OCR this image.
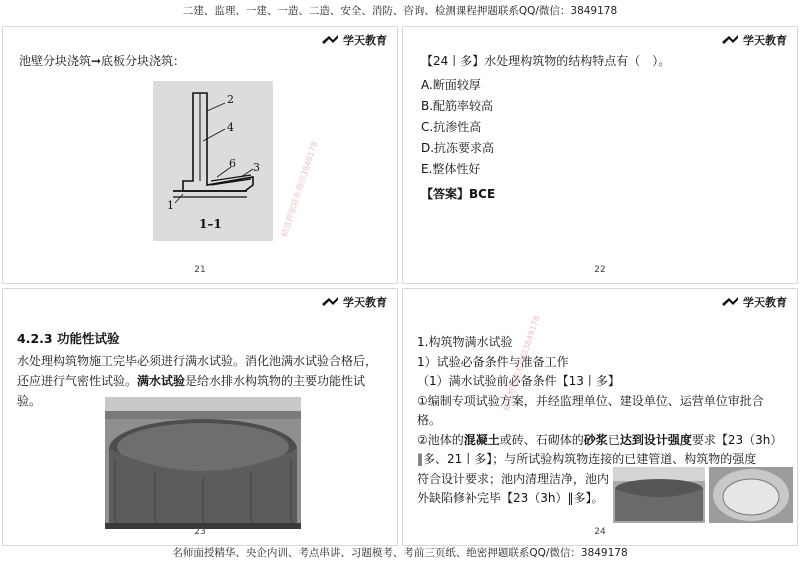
二建、监理、一建、一造、二造、安全、消防、咨询、检测课程押题联系QQ/微信：3849178
学天教育
池壁分块浇筑➞底板分块浇筑：
2
4
6 3
1
1–1	精选押题联系微信3849178
21
学天教育
【24丨多】水处理构筑物的结构特点有（　）。
A.断面较厚
B.配筋率较高
C.抗渗性高
D.抗冻要求高
E.整体性好
【答案】BCE
22
学天教育
4.2.3 功能性试验
水处理构筑物施工完毕必须进行满水试验。消化池满水试验合格后，还应进行气密性试验。满水试验是给水排水构筑物的主要功能性试验。
23
学天教育
1.构筑物满水试验
1）试验必备条件与准备工作
（1）满水试验前必备条件【13丨多】
①编制专项试验方案，并经监理单位、建设单位、运营单位审批合
格。
②池体的混凝土或砖、石砌体的砂浆已达到设计强度要求【23（3h）
‖多、21丨多】；与所试验构筑物连接的已建管道、构筑物的强度
符合设计要求；池内清理洁净，池内
外缺陷修补完毕【23（3h）‖多】。
精选押题联系微信3849178
24
名师面授精华、央企内训、考点串讲、习题模考、考前三页纸、绝密押题联系QQ/微信：3849178
